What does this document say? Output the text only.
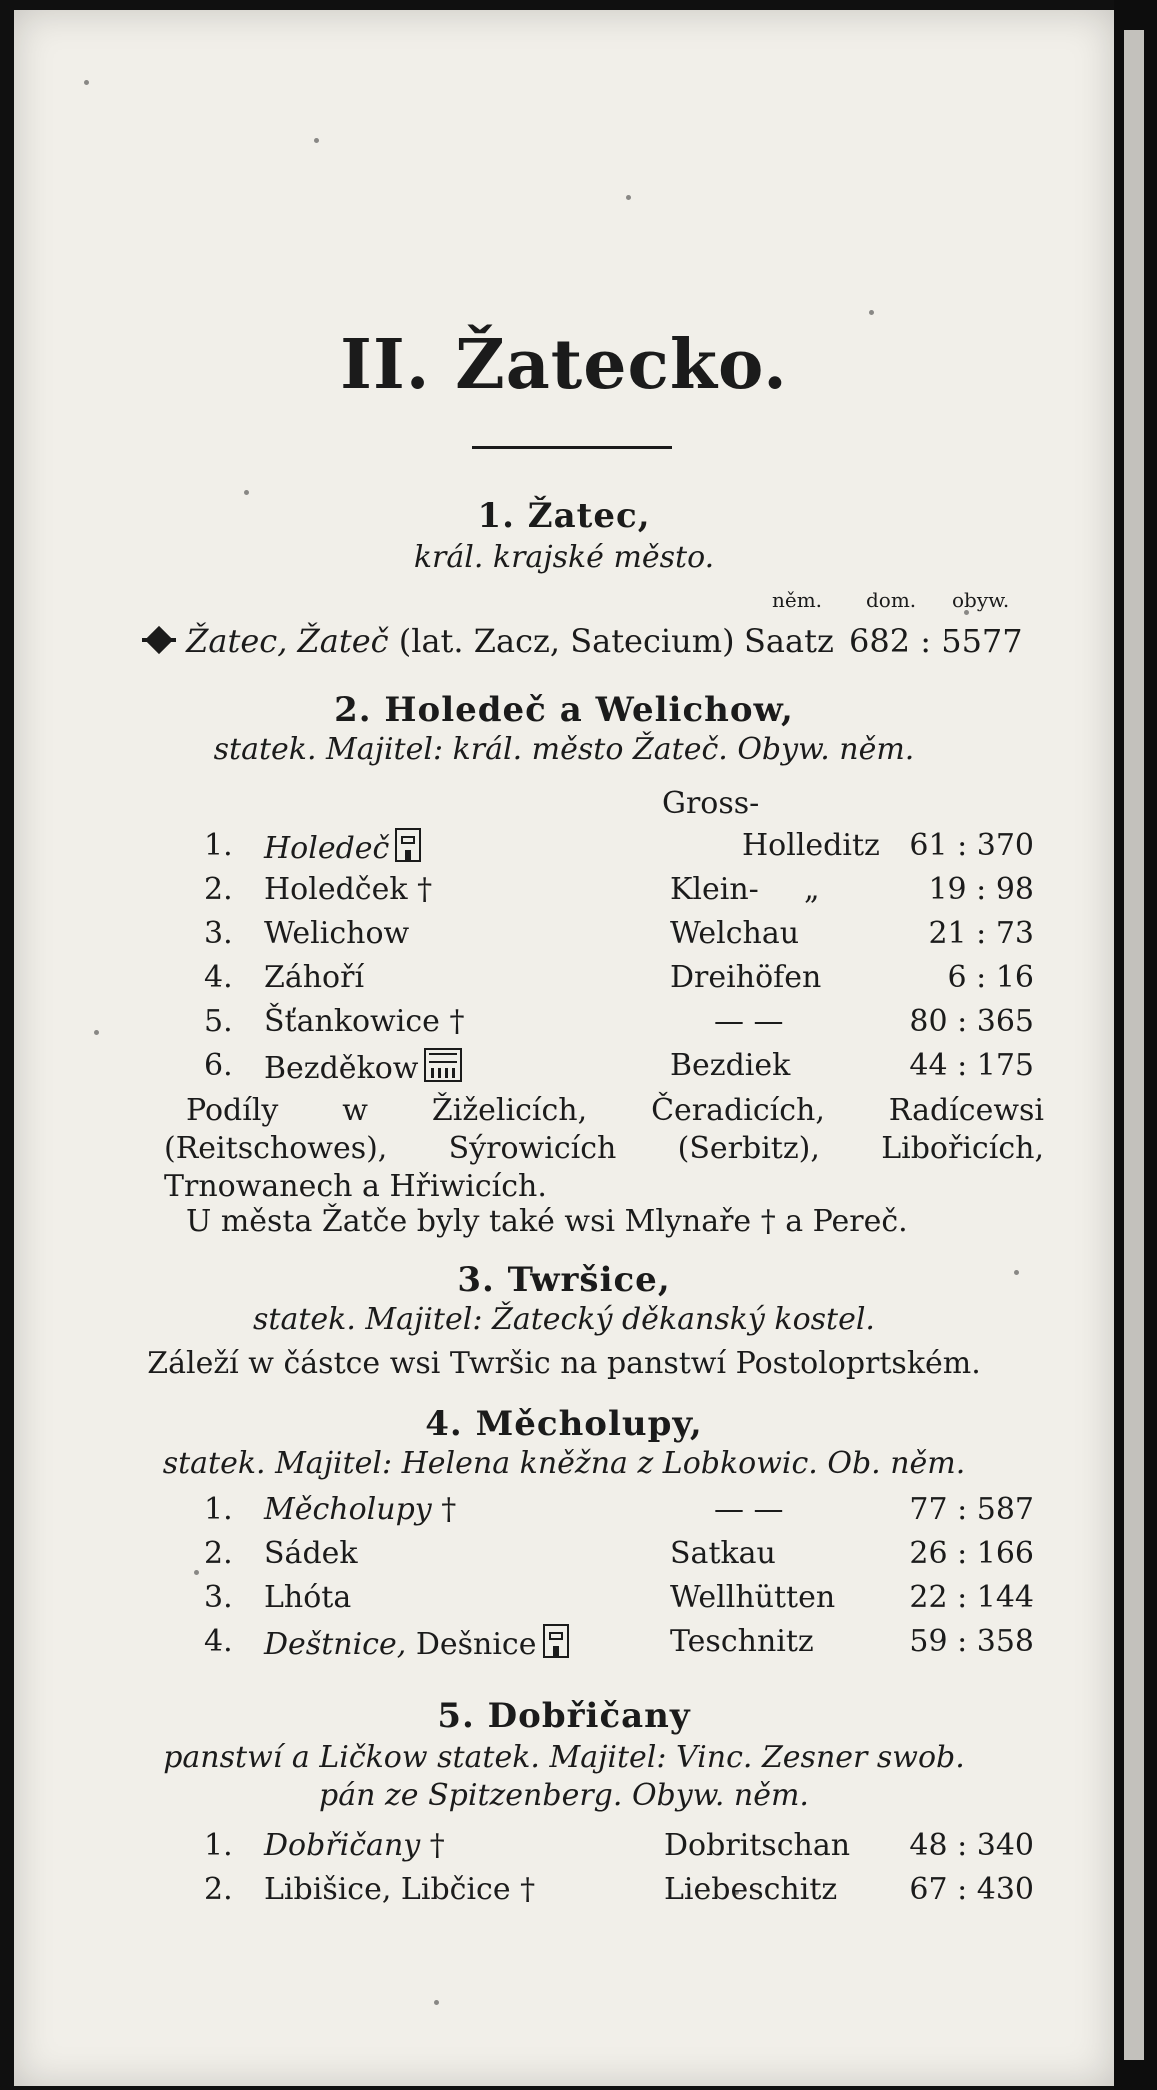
II. Žatecko.
1. Žatec,
král. krajské město.
něm. dom. obyw.
Žatec, Žateč (lat. Zacz, Satecium) Saatz 682 : 5577
2. Holedeč a Welichow,
statek. Majitel: král. město Žateč. Obyw. něm.
Gross-
1. Holedeč	Holleditz 61 : 370
2. Holedček †	Klein- „	19 : 98
3. Welichow	Welchau	21 : 73
4. Záhoří	Dreihöfen	6 : 16
5. Šťankowice †	— —	80 : 365
6. Bezděkow	Bezdiek	44 : 175
Podíly w Žiželicích, Čeradicích, Radícewsi (Reitschowes), Sýrowicích (Serbitz), Libořicích, Trnowanech a Hřiwicích.
U města Žatče byly také wsi Mlynaře † a Pereč.
3. Twršice,
statek. Majitel: Žatecký děkanský kostel.
Záleží w částce wsi Twršic na panstwí Postoloprtském.
4. Měcholupy,
statek. Majitel: Helena kněžna z Lobkowic. Ob. něm.
1. Měcholupy †	— —	77 : 587
2. Sádek	Satkau	26 : 166
3. Lhóta	Wellhütten	22 : 144
4. Deštnice, Dešnice	Teschnitz	59 : 358
5. Dobřičany
panstwí a Ličkow statek. Majitel: Vinc. Zesner swob.
pán ze Spitzenberg. Obyw. něm.
1. Dobřičany †	Dobritschan	48 : 340
2. Libišice, Libčice †	Liebeschitz	67 : 430
